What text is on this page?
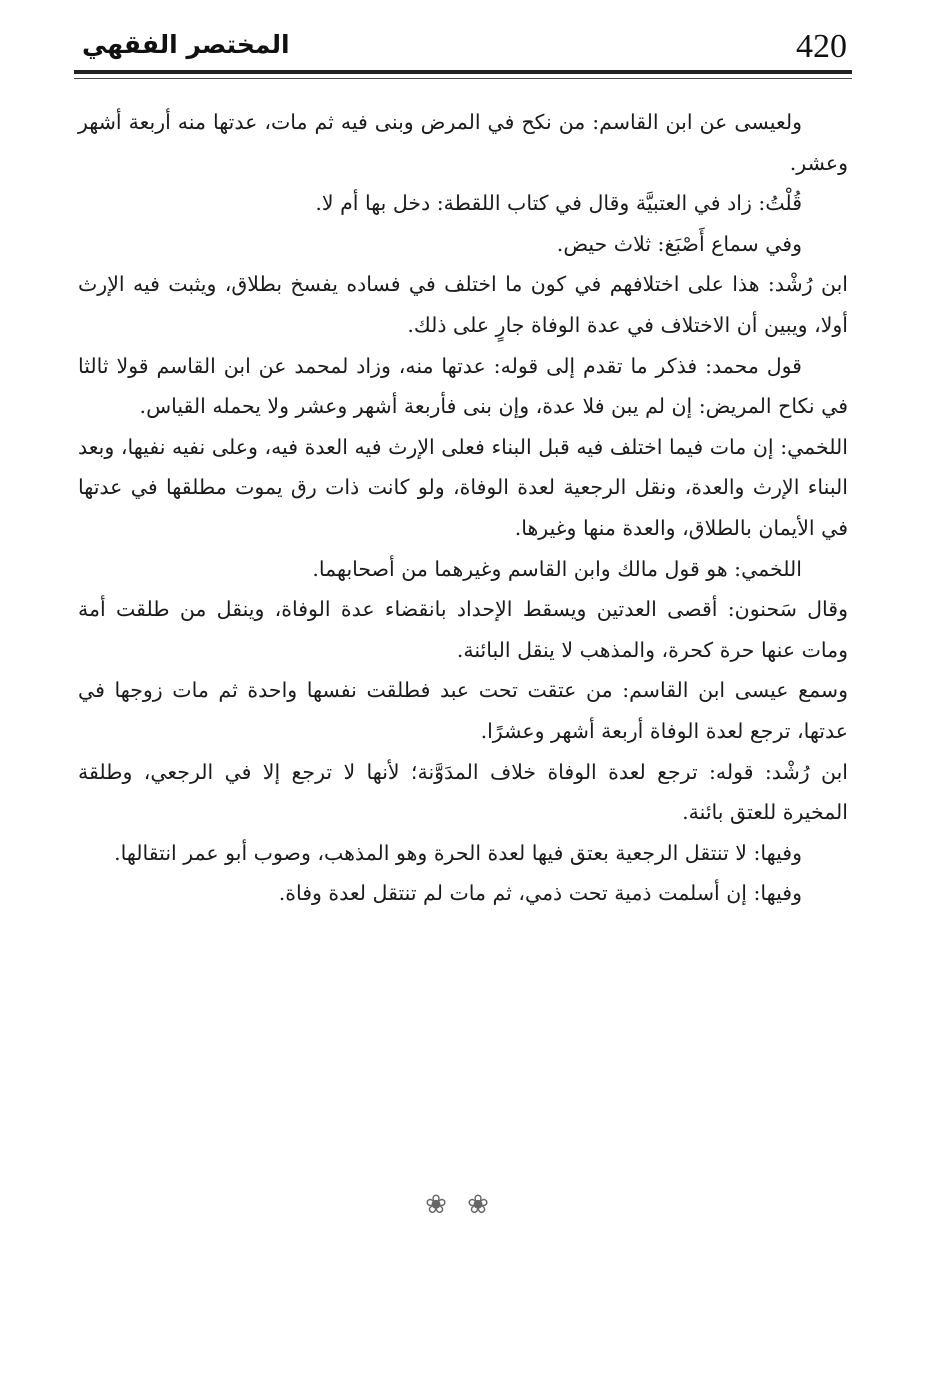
420
المختصر الفقهي

ولعيسى عن ابن القاسم: من نكح في المرض وبنى فيه ثم مات، عدتها منه أربعة أشهر وعشر.

قُلْتُ: زاد في العتبيَّة وقال في كتاب اللقطة: دخل بها أم لا.

وفي سماع أَصْبَغ: ثلاث حيض.

ابن رُشْد: هذا على اختلافهم في كون ما اختلف في فساده يفسخ بطلاق، ويثبت فيه الإرث أولا، ويبين أن الاختلاف في عدة الوفاة جارٍ على ذلك.

قول محمد: فذكر ما تقدم إلى قوله: عدتها منه، وزاد لمحمد عن ابن القاسم قولا ثالثا في نكاح المريض: إن لم يبن فلا عدة، وإن بنى فأربعة أشهر وعشر ولا يحمله القياس.

اللخمي: إن مات فيما اختلف فيه قبل البناء فعلى الإرث فيه العدة فيه، وعلى نفيه نفيها، وبعد البناء الإرث والعدة، ونقل الرجعية لعدة الوفاة، ولو كانت ذات رق يموت مطلقها في عدتها في الأيمان بالطلاق، والعدة منها وغيرها.

اللخمي: هو قول مالك وابن القاسم وغيرهما من أصحابهما.

وقال سَحنون: أقصى العدتين ويسقط الإحداد بانقضاء عدة الوفاة، وينقل من طلقت أمة ومات عنها حرة كحرة، والمذهب لا ينقل البائنة.

وسمع عيسى ابن القاسم: من عتقت تحت عبد فطلقت نفسها واحدة ثم مات زوجها في عدتها، ترجع لعدة الوفاة أربعة أشهر وعشرًا.

ابن رُشْد: قوله: ترجع لعدة الوفاة خلاف المدَوَّنة؛ لأنها لا ترجع إلا في الرجعي، وطلقة المخيرة للعتق بائنة.

وفيها: لا تنتقل الرجعية بعتق فيها لعدة الحرة وهو المذهب، وصوب أبو عمر انتقالها.

وفيها: إن أسلمت ذمية تحت ذمي، ثم مات لم تنتقل لعدة وفاة.

❀ ❀
